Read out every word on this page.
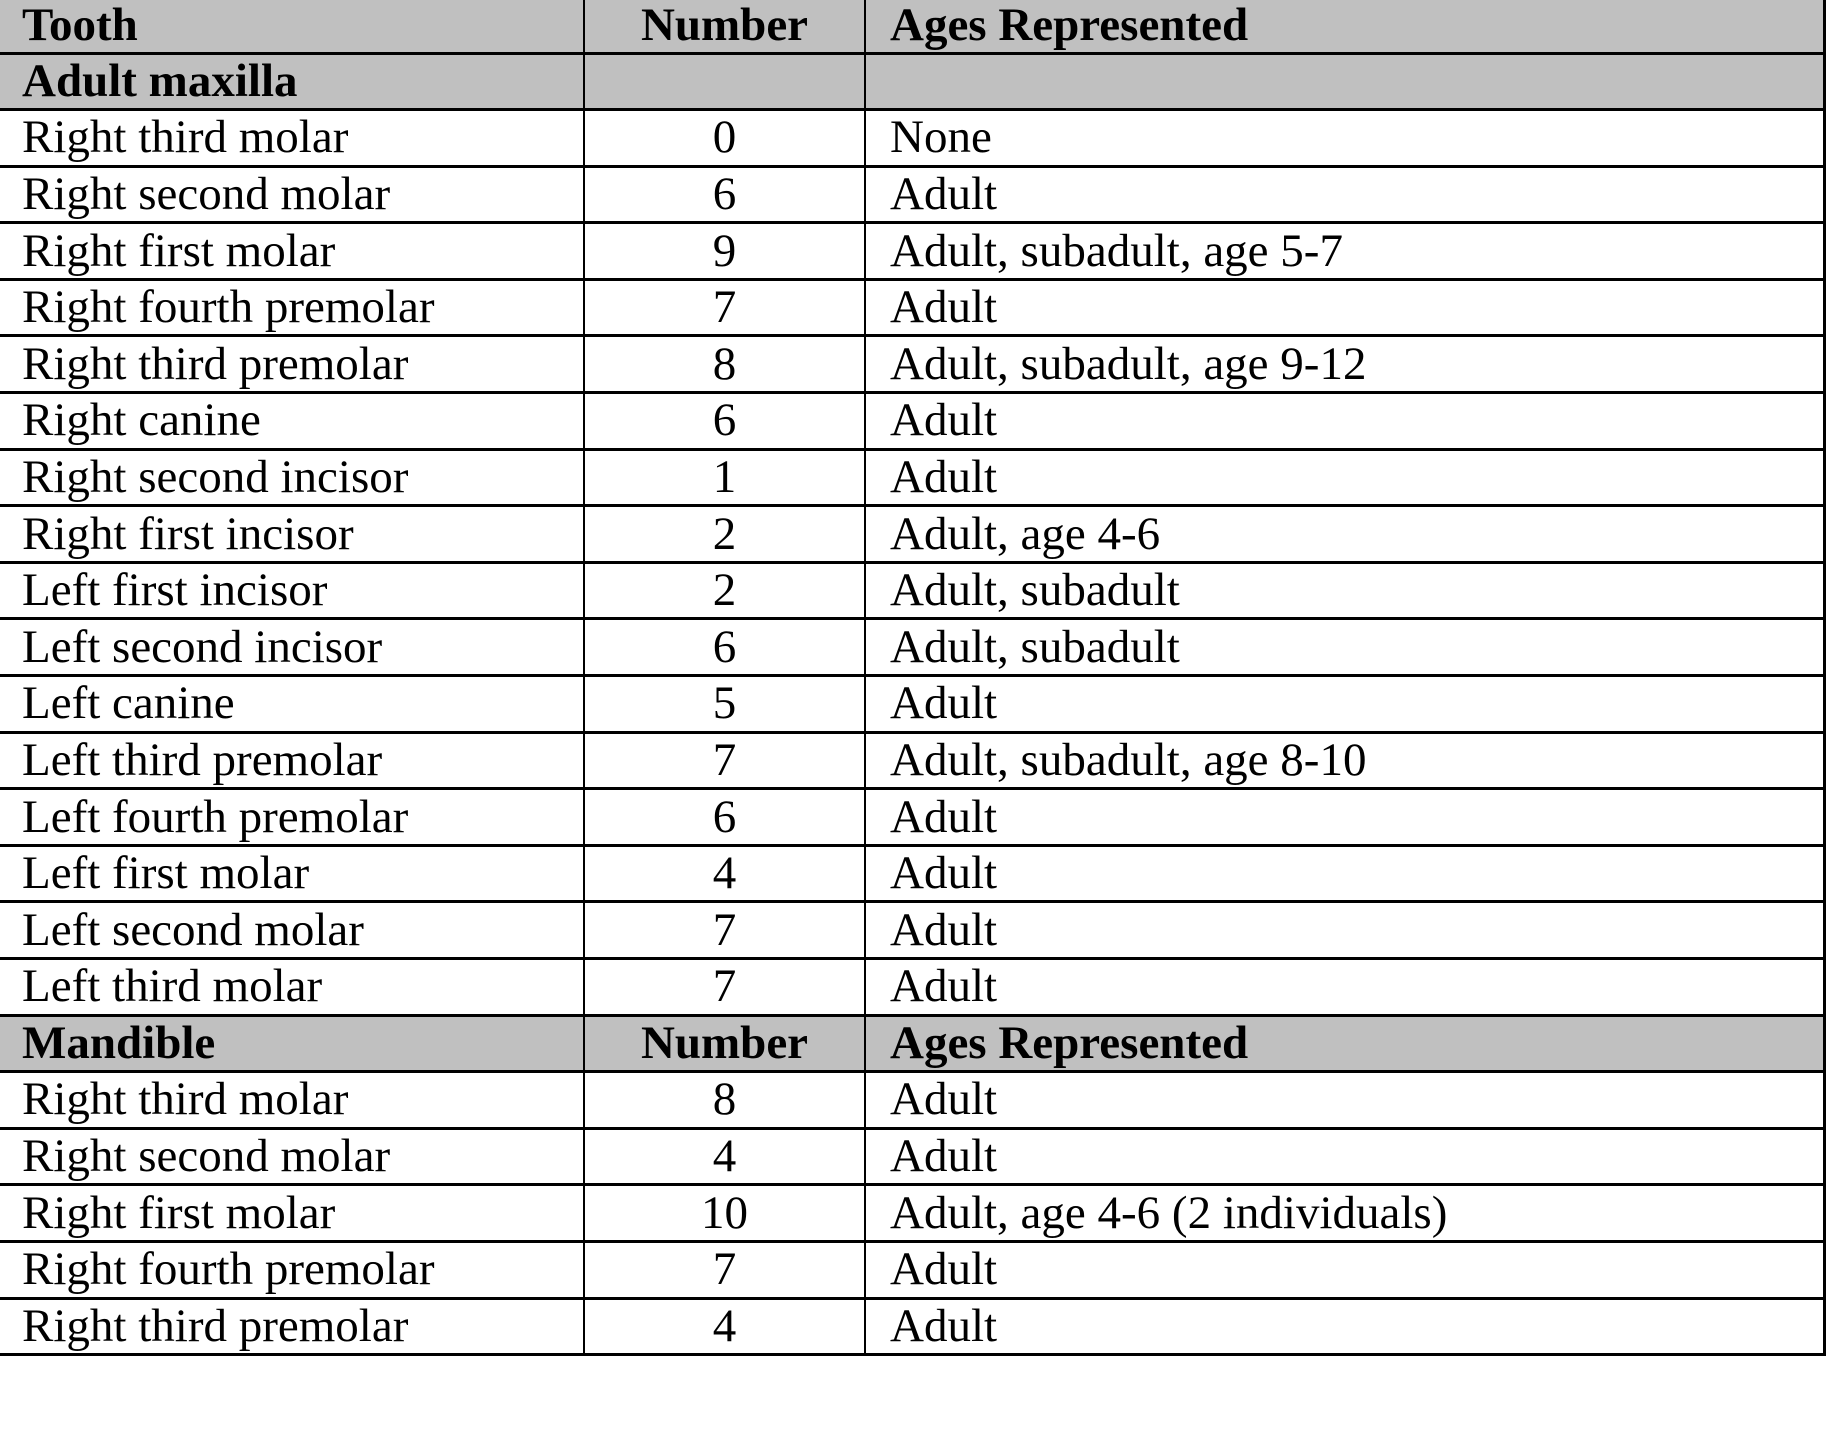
Tooth	Number	Ages Represented
Adult maxilla		
Right third molar	0	None
Right second molar	6	Adult
Right first molar	9	Adult, subadult, age 5-7
Right fourth premolar	7	Adult
Right third premolar	8	Adult, subadult, age 9-12
Right canine	6	Adult
Right second incisor	1	Adult
Right first incisor	2	Adult, age 4-6
Left first incisor	2	Adult, subadult
Left second incisor	6	Adult, subadult
Left canine	5	Adult
Left third premolar	7	Adult, subadult, age 8-10
Left fourth premolar	6	Adult
Left first molar	4	Adult
Left second molar	7	Adult
Left third molar	7	Adult
Mandible	Number	Ages Represented
Right third molar	8	Adult
Right second molar	4	Adult
Right first molar	10	Adult, age 4-6 (2 individuals)
Right fourth premolar	7	Adult
Right third premolar	4	Adult
